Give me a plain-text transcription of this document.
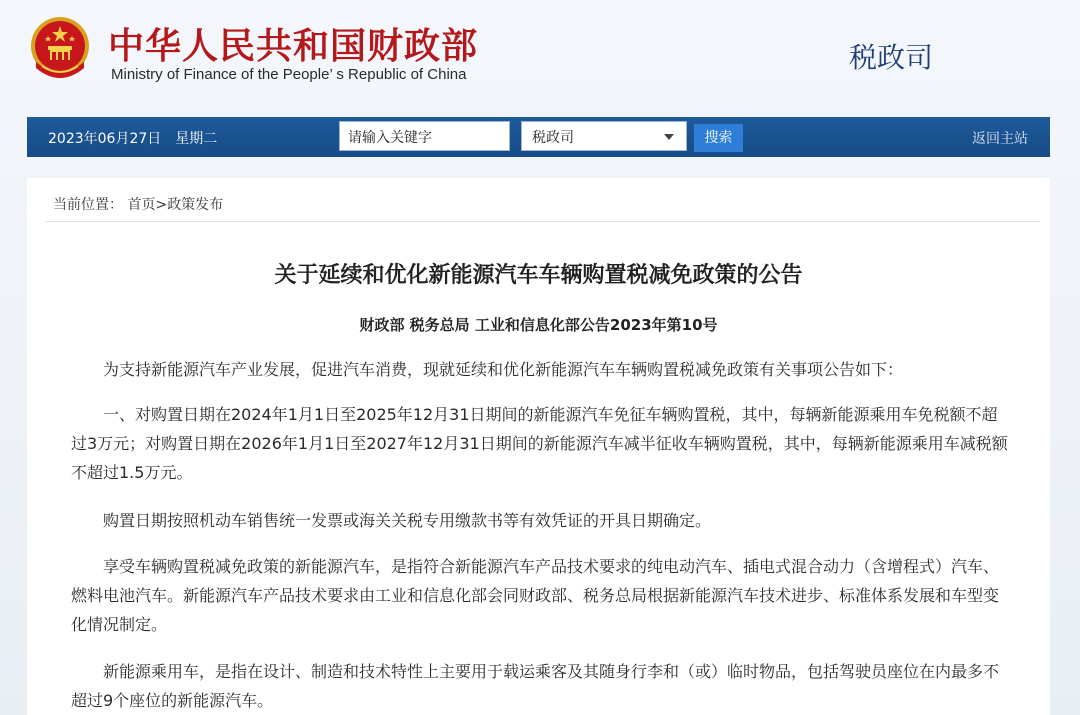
中华人民共和国财政部
Ministry of Finance of the People’ s Republic of China
税政司
2023年06月27日　星期二	请输入关键字	税政司	搜索	返回主站
当前位置： 首页>政策发布
关于延续和优化新能源汽车车辆购置税减免政策的公告
财政部 税务总局 工业和信息化部公告2023年第10号

为支持新能源汽车产业发展，促进汽车消费，现就延续和优化新能源汽车车辆购置税减免政策有关事项公告如下：

一、对购置日期在2024年1月1日至2025年12月31日期间的新能源汽车免征车辆购置税，其中，每辆新能源乘用车免税额不超过3万元；对购置日期在2026年1月1日至2027年12月31日期间的新能源汽车减半征收车辆购置税，其中，每辆新能源乘用车减税额不超过1.5万元。

购置日期按照机动车销售统一发票或海关关税专用缴款书等有效凭证的开具日期确定。

享受车辆购置税减免政策的新能源汽车，是指符合新能源汽车产品技术要求的纯电动汽车、插电式混合动力（含增程式）汽车、燃料电池汽车。新能源汽车产品技术要求由工业和信息化部会同财政部、税务总局根据新能源汽车技术进步、标准体系发展和车型变化情况制定。

新能源乘用车，是指在设计、制造和技术特性上主要用于载运乘客及其随身行李和（或）临时物品，包括驾驶员座位在内最多不超过9个座位的新能源汽车。
